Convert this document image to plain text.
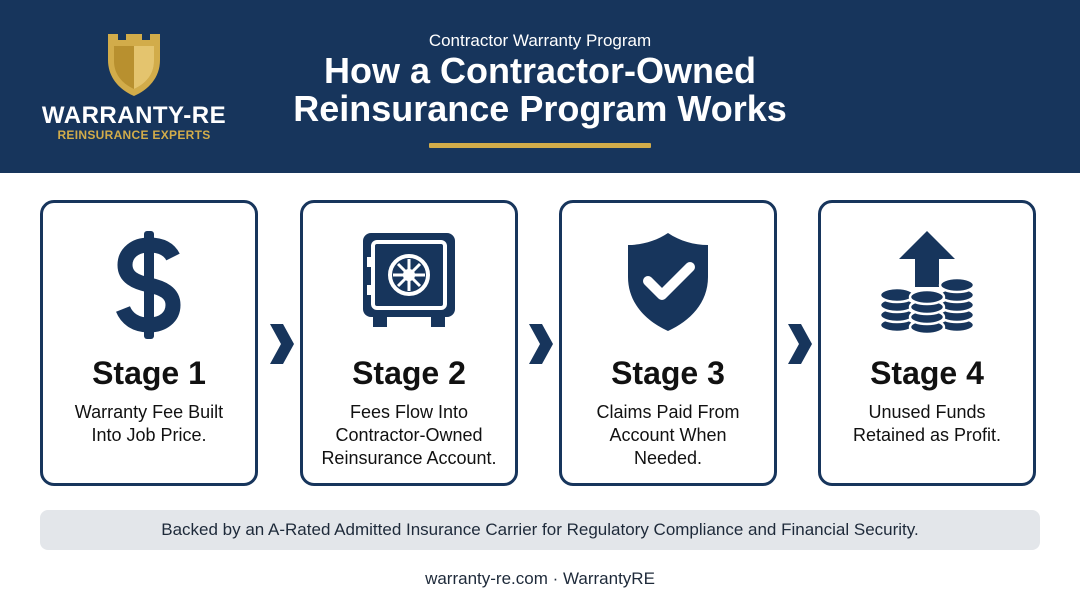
WARRANTY-RE
REINSURANCE EXPERTS
Contractor Warranty Program
How a Contractor-Owned
Reinsurance Program Works
Stage 1
Warranty Fee Built
Into Job Price.
Stage 2
Fees Flow Into
Contractor-Owned
Reinsurance Account.
Stage 3
Claims Paid From
Account When
Needed.
Stage 4
Unused Funds
Retained as Profit.
Backed by an A-Rated Admitted Insurance Carrier for Regulatory Compliance and Financial Security.
warranty-re.com · WarrantyRE
